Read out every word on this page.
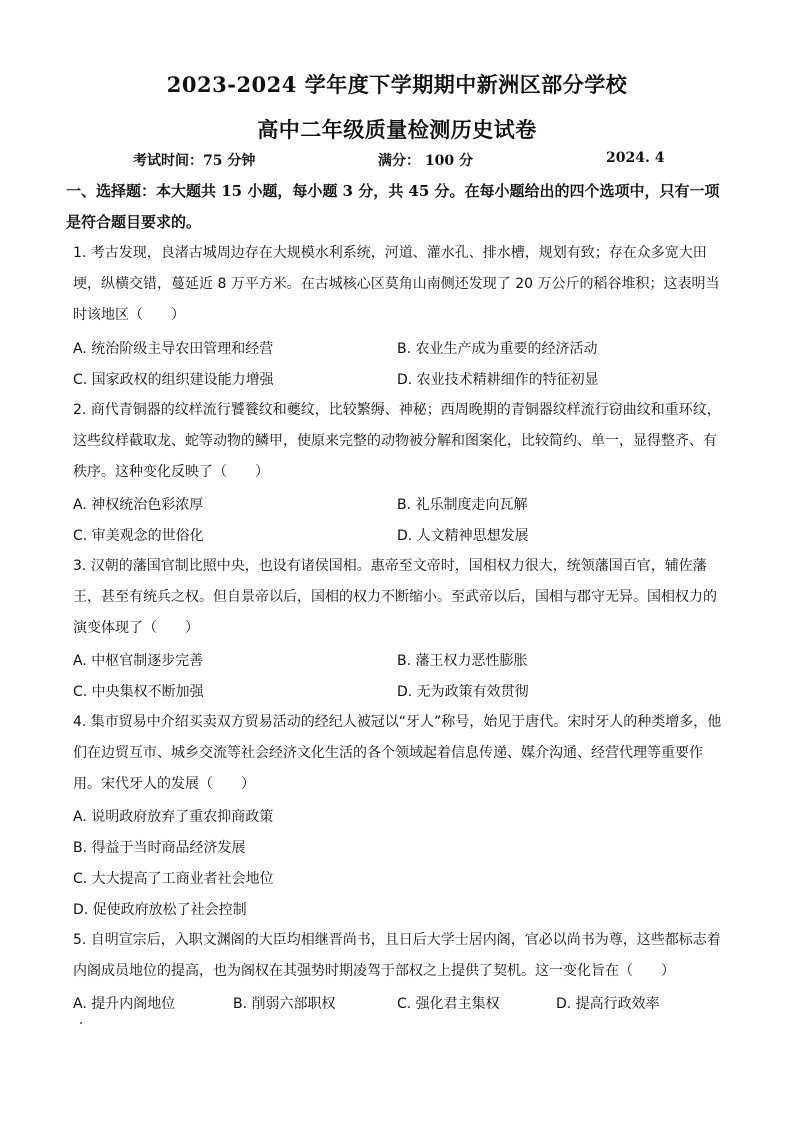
2023-2024 学年度下学期期中新洲区部分学校
高中二年级质量检测历史试卷
考试时间：75 分钟	满分： 100 分	2024. 4
一、选择题：本大题共 15 小题，每小题 3 分，共 45 分。在每小题给出的四个选项中，只有一项是符合题目要求的。
1. 考古发现，良渚古城周边存在大规模水利系统，河道、灌水孔、排水槽，规划有致；存在众多宽大田埂，纵横交错，蔓延近 8 万平方米。在古城核心区莫角山南侧还发现了 20 万公斤的稻谷堆积；这表明当时该地区（　　）
A. 统治阶级主导农田管理和经营	B. 农业生产成为重要的经济活动
C. 国家政权的组织建设能力增强	D. 农业技术精耕细作的特征初显
2. 商代青铜器的纹样流行饕餮纹和夔纹，比较繁缛、神秘；西周晚期的青铜器纹样流行窃曲纹和重环纹，这些纹样截取龙、蛇等动物的鳞甲，使原来完整的动物被分解和图案化，比较简约、单一，显得整齐、有秩序。这种变化反映了（　　）
A. 神权统治色彩浓厚	B. 礼乐制度走向瓦解
C. 审美观念的世俗化	D. 人文精神思想发展
3. 汉朝的藩国官制比照中央，也设有诸侯国相。惠帝至文帝时，国相权力很大，统领藩国百官，辅佐藩王，甚至有统兵之权。但自景帝以后，国相的权力不断缩小。至武帝以后，国相与郡守无异。国相权力的演变体现了（　　）
A. 中枢官制逐步完善	B. 藩王权力恶性膨胀
C. 中央集权不断加强	D. 无为政策有效贯彻
4. 集市贸易中介绍买卖双方贸易活动的经纪人被冠以“牙人”称号，始见于唐代。宋时牙人的种类增多，他们在边贸互市、城乡交流等社会经济文化生活的各个领域起着信息传递、媒介沟通、经营代理等重要作用。宋代牙人的发展（　　）
A. 说明政府放弃了重农抑商政策
B. 得益于当时商品经济发展
C. 大大提高了工商业者社会地位
D. 促使政府放松了社会控制
5. 自明宣宗后，入职文渊阁的大臣均相继晋尚书，且日后大学士居内阁，官必以尚书为尊，这些都标志着内阁成员地位的提高，也为阁权在其强势时期凌驾于部权之上提供了契机。这一变化旨在（　　）
A. 提升内阁地位	B. 削弱六部职权	C. 强化君主集权	D. 提高行政效率
